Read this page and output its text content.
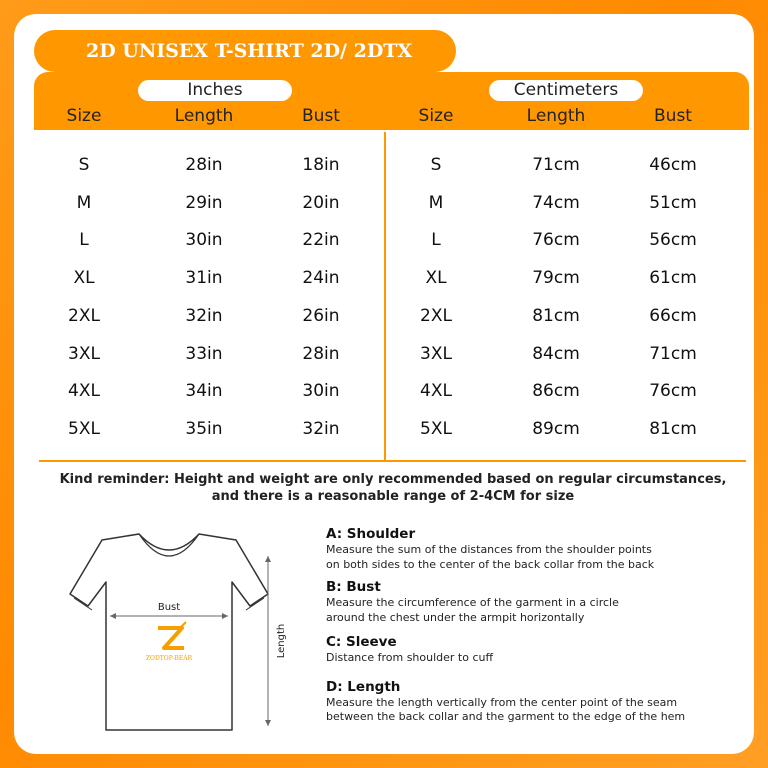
2D UNISEX T-SHIRT 2D/ 2DTX
Inches	Centimeters
Size	Length	Bust	Size	Length	Bust
S	28in	18in	S	71cm	46cm
M	29in	20in	M	74cm	51cm
L	30in	22in	L	76cm	56cm
XL	31in	24in	XL	79cm	61cm
2XL	32in	26in	2XL	81cm	66cm
3XL	33in	28in	3XL	84cm	71cm
4XL	34in	30in	4XL	86cm	76cm
5XL	35in	32in	5XL	89cm	81cm
Kind reminder: Height and weight are only recommended based on regular circumstances,
and there is a reasonable range of 2-4CM for size
Bust
ZODTOP-BEAR
Length
A: Shoulder
Measure the sum of the distances from the shoulder points
on both sides to the center of the back collar from the back
B: Bust
Measure the circumference of the garment in a circle
around the chest under the armpit horizontally
C: Sleeve
Distance from shoulder to cuff
D: Length
Measure the length vertically from the center point of the seam
between the back collar and the garment to the edge of the hem
